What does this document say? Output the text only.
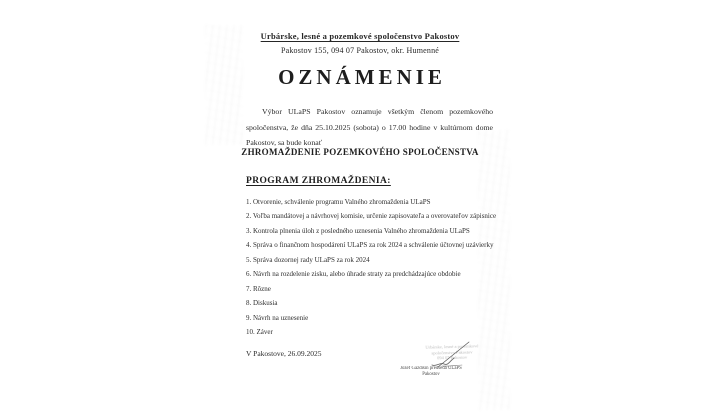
Urbárske, lesné a pozemkové spoločenstvo Pakostov
Pakostov 155, 094 07 Pakostov, okr. Humenné
OZNÁMENIE
Výbor ULaPS Pakostov oznamuje všetkým členom pozemkového
spoločenstva, že dňa 25.10.2025 (sobota) o 17.00 hodine v kultúrnom dome
Pakostov, sa bude konať
ZHROMAŽDENIE POZEMKOVÉHO SPOLOČENSTVA
PROGRAM ZHROMAŽDENIA:
1. Otvorenie, schválenie programu Valného zhromaždenia ULaPS
2. Voľba mandátovej a návrhovej komisie, určenie zapisovateľa a overovateľov zápisnice
3. Kontrola plnenia úloh z posledného uznesenia Valného zhromaždenia ULaPS
4. Správa o finančnom hospodárení ULaPS za rok 2024 a schválenie účtovnej uzávierky
5. Správa dozornej rady ULaPS za rok 2024
6. Návrh na rozdelenie zisku, alebo úhrade straty za predchádzajúce obdobie
7. Rôzne
8. Diskusia
9. Návrh na uznesenie
10. Záver
V Pakostove, 26.09.2025
Urbárske, lesné a pozemkové
spoločenstvo Pakostov
094 07 Pakostov
Jozef Gazdišin predseda ULaPS
Pakostov
